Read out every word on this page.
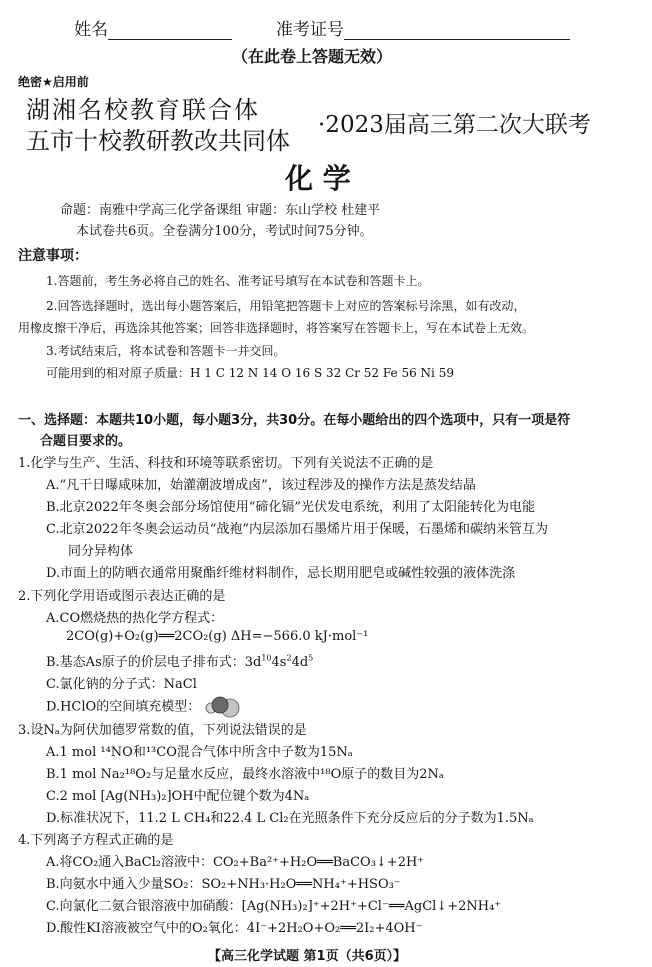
姓名	准考证号
（在此卷上答题无效）
绝密★启用前
湖湘名校教育联合体
五市十校教研教改共同体
·2023届高三第二次大联考
化 学
命题：南雅中学高三化学备课组 审题：东山学校 杜建平
本试卷共6页。全卷满分100分，考试时间75分钟。
注意事项：
1.答题前，考生务必将自己的姓名、准考证号填写在本试卷和答题卡上。
2.回答选择题时，选出每小题答案后，用铅笔把答题卡上对应的答案标号涂黑，如有改动，
用橡皮擦干净后，再选涂其他答案；回答非选择题时，将答案写在答题卡上，写在本试卷上无效。
3.考试结束后，将本试卷和答题卡一并交回。
可能用到的相对原子质量：H 1 C 12 N 14 O 16 S 32 Cr 52 Fe 56 Ni 59
一、选择题：本题共10小题，每小题3分，共30分。在每小题给出的四个选项中，只有一项是符
合题目要求的。
1.化学与生产、生活、科技和环境等联系密切。下列有关说法不正确的是
A.“凡干日曝咸味加，始灌潮波增成卤”，该过程涉及的操作方法是蒸发结晶
B.北京2022年冬奥会部分场馆使用“碲化镉”光伏发电系统，利用了太阳能转化为电能
C.北京2022年冬奥会运动员“战袍”内层添加石墨烯片用于保暖，石墨烯和碳纳米管互为
同分异构体
D.市面上的防晒衣通常用聚酯纤维材料制作，忌长期用肥皂或碱性较强的液体洗涤
2.下列化学用语或图示表达正确的是
A.CO燃烧热的热化学方程式：
2CO(g)+O₂(g)══2CO₂(g) ΔH=−566.0 kJ·mol⁻¹
B.基态As原子的价层电子排布式：$3d^{10}4s^24d^5$
C.氯化钠的分子式：NaCl
D.HClO的空间填充模型：
3.设Nₐ为阿伏加德罗常数的值，下列说法错误的是
A.1 mol ¹⁴NO和¹³CO混合气体中所含中子数为15Nₐ
B.1 mol Na₂¹⁸O₂与足量水反应，最终水溶液中¹⁸O原子的数目为2Nₐ
C.2 mol [Ag(NH₃)₂]OH中配位键个数为4Nₐ
D.标准状况下，11.2 L CH₄和22.4 L Cl₂在光照条件下充分反应后的分子数为1.5Nₐ
4.下列离子方程式正确的是
A.将CO₂通入BaCl₂溶液中：CO₂+Ba²⁺+H₂O══BaCO₃↓+2H⁺
B.向氨水中通入少量SO₂：SO₂+NH₃·H₂O══NH₄⁺+HSO₃⁻
C.向氯化二氨合银溶液中加硝酸：[Ag(NH₃)₂]⁺+2H⁺+Cl⁻══AgCl↓+2NH₄⁺
D.酸性KI溶液被空气中的O₂氧化：4I⁻+2H₂O+O₂══2I₂+4OH⁻
【高三化学试题 第1页（共6页）】
